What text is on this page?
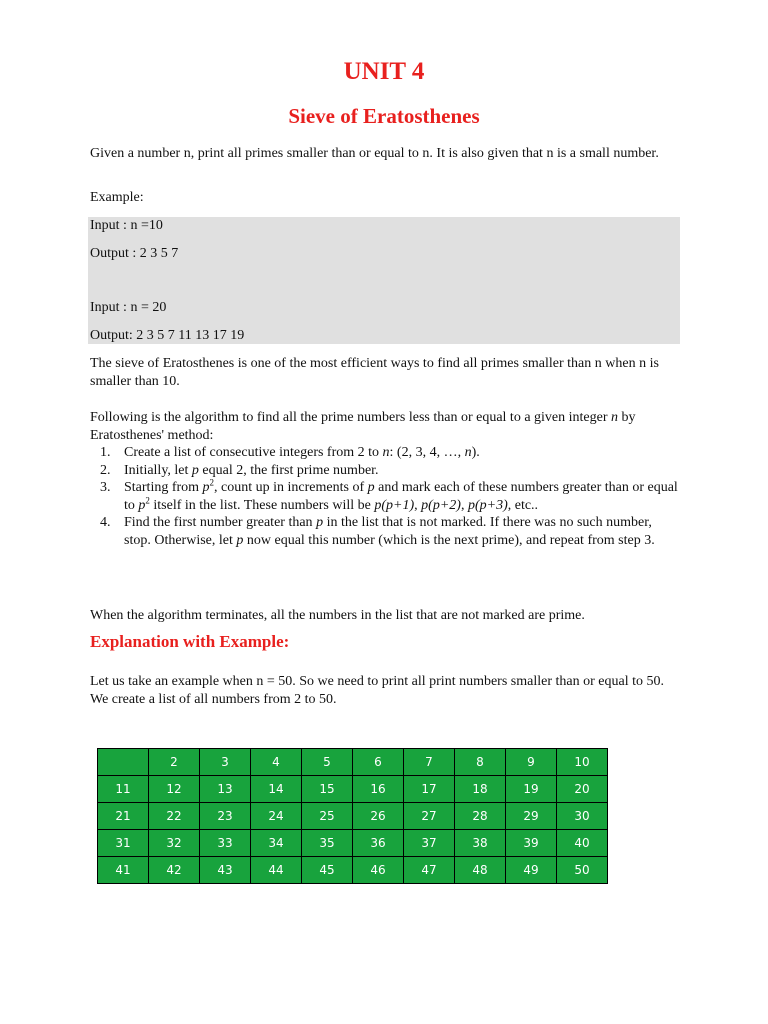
UNIT 4
Sieve of Eratosthenes
Given a number n, print all primes smaller than or equal to n. It is also given that n is a small number.
Example:
Input : n =10
Output : 2 3 5 7
Input : n = 20
Output: 2 3 5 7 11 13 17 19
The sieve of Eratosthenes is one of the most efficient ways to find all primes smaller than n when n is smaller than 10.
Following is the algorithm to find all the prime numbers less than or equal to a given integer n by
Eratosthenes' method:
1. Create a list of consecutive integers from 2 to n: (2, 3, 4, …, n).
2. Initially, let p equal 2, the first prime number.
3. Starting from $p^2$, count up in increments of p and mark each of these numbers greater than or equal to $p^2$ itself in the list. These numbers will be p(p+1), p(p+2), p(p+3), etc..
4. Find the first number greater than p in the list that is not marked. If there was no such number, stop. Otherwise, let p now equal this number (which is the next prime), and repeat from step 3.
When the algorithm terminates, all the numbers in the list that are not marked are prime.
Explanation with Example:
Let us take an example when n = 50. So we need to print all print numbers smaller than or equal to 50.
We create a list of all numbers from 2 to 50.
	2	3	4	5	6	7	8	9	10
11	12	13	14	15	16	17	18	19	20
21	22	23	24	25	26	27	28	29	30
31	32	33	34	35	36	37	38	39	40
41	42	43	44	45	46	47	48	49	50
